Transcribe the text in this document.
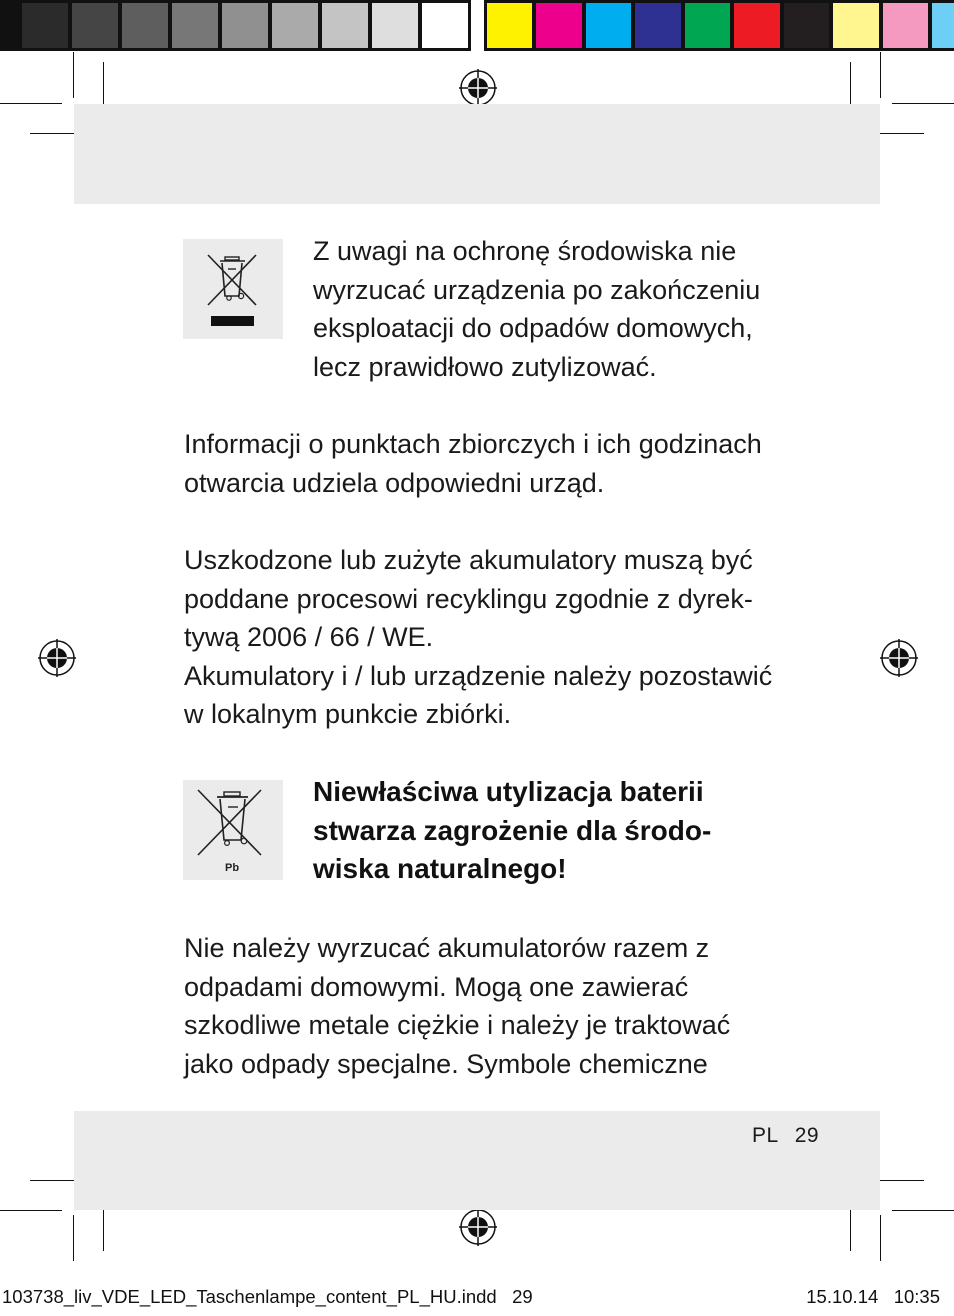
Z uwagi na ochronę środowiska nie
wyrzucać urządzenia po zakończeniu
eksploatacji do odpadów domowych,
lecz prawidłowo zutylizować.
Informacji o punktach zbiorczych i ich godzinach
otwarcia udziela odpowiedni urząd.
Uszkodzone lub zużyte akumulatory muszą być
poddane procesowi recyklingu zgodnie z dyrek-
tywą 2006 / 66 / WE.
Akumulatory i / lub urządzenie należy pozostawić
w lokalnym punkcie zbiórki.
Pb
Niewłaściwa utylizacja baterii
stwarza zagrożenie dla środo-
wiska naturalnego!
Nie należy wyrzucać akumulatorów razem z
odpadami domowymi. Mogą one zawierać
szkodliwe metale ciężkie i należy je traktować
jako odpady specjalne. Symbole chemiczne
PL 29
103738_liv_VDE_LED_Taschenlampe_content_PL_HU.indd   29	15.10.14   10:35
